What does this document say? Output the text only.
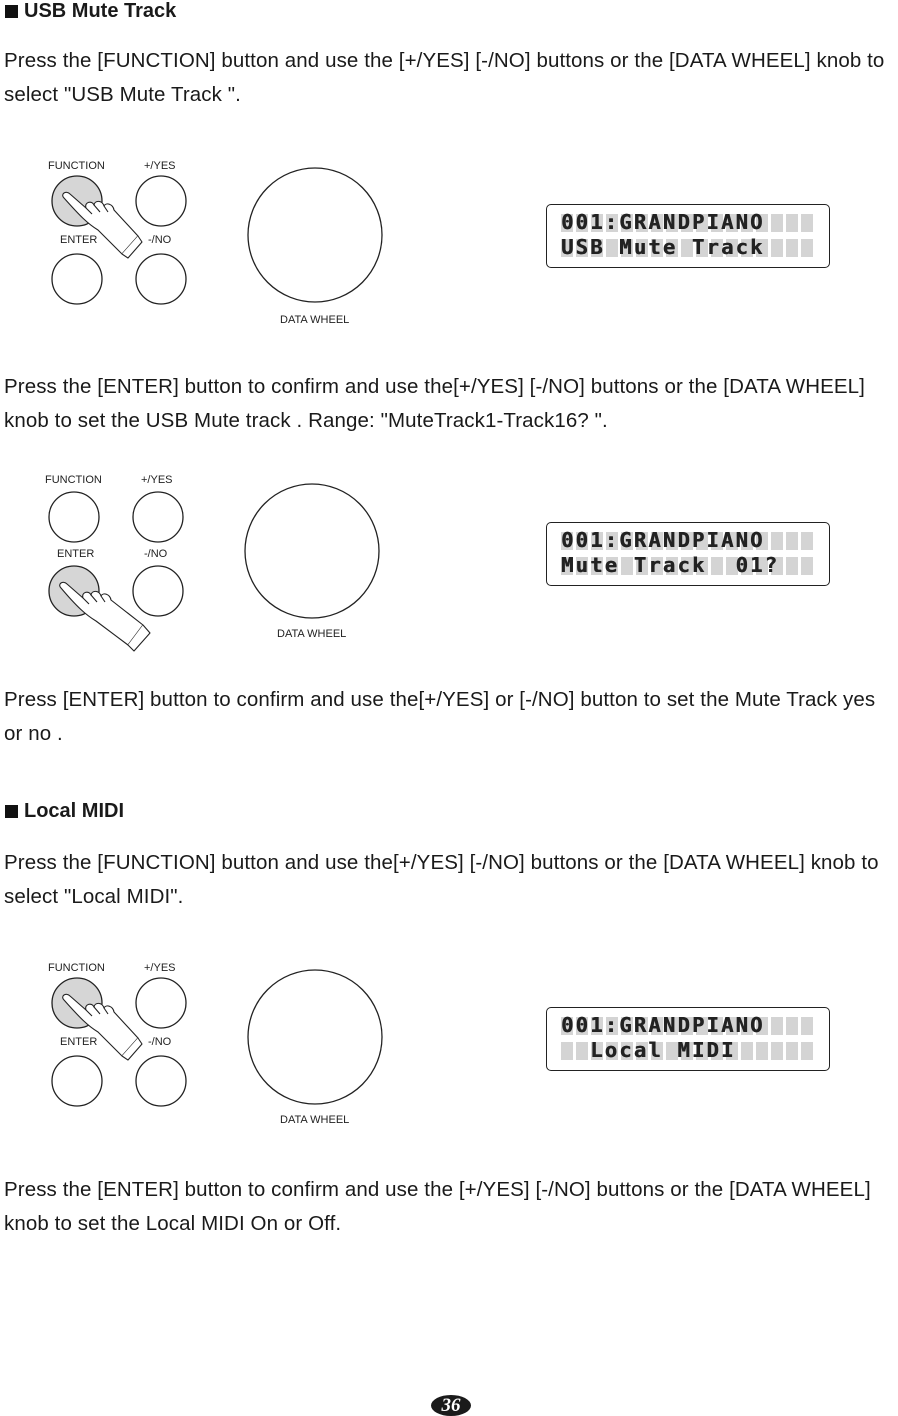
USB Mute Track
Press the [FUNCTION] button and use the [+/YES] [-/NO] buttons or the [DATA WHEEL] knob to select "USB Mute Track ".
FUNCTION	+/YES
ENTER	-/NO
DATA WHEEL
001:GRANDPIANO
USB Mute Track
Press the [ENTER] button to confirm and use the[+/YES] [-/NO] buttons or the [DATA WHEEL] knob to set the USB Mute track . Range: "MuteTrack1-Track16? ".
FUNCTION	+/YES
ENTER	-/NO
DATA WHEEL
001:GRANDPIANO
Mute Track  01?
Press [ENTER] button to confirm and use the[+/YES] or [-/NO] button to set the Mute Track yes or no .
Local MIDI
Press the [FUNCTION] button and use the[+/YES] [-/NO] buttons or the [DATA WHEEL] knob to select "Local MIDI".
FUNCTION	+/YES
ENTER	-/NO
DATA WHEEL
001:GRANDPIANO
Local MIDI
Press the [ENTER] button to confirm and use the [+/YES] [-/NO] buttons or the [DATA WHEEL] knob to set the Local MIDI On or Off.
36
